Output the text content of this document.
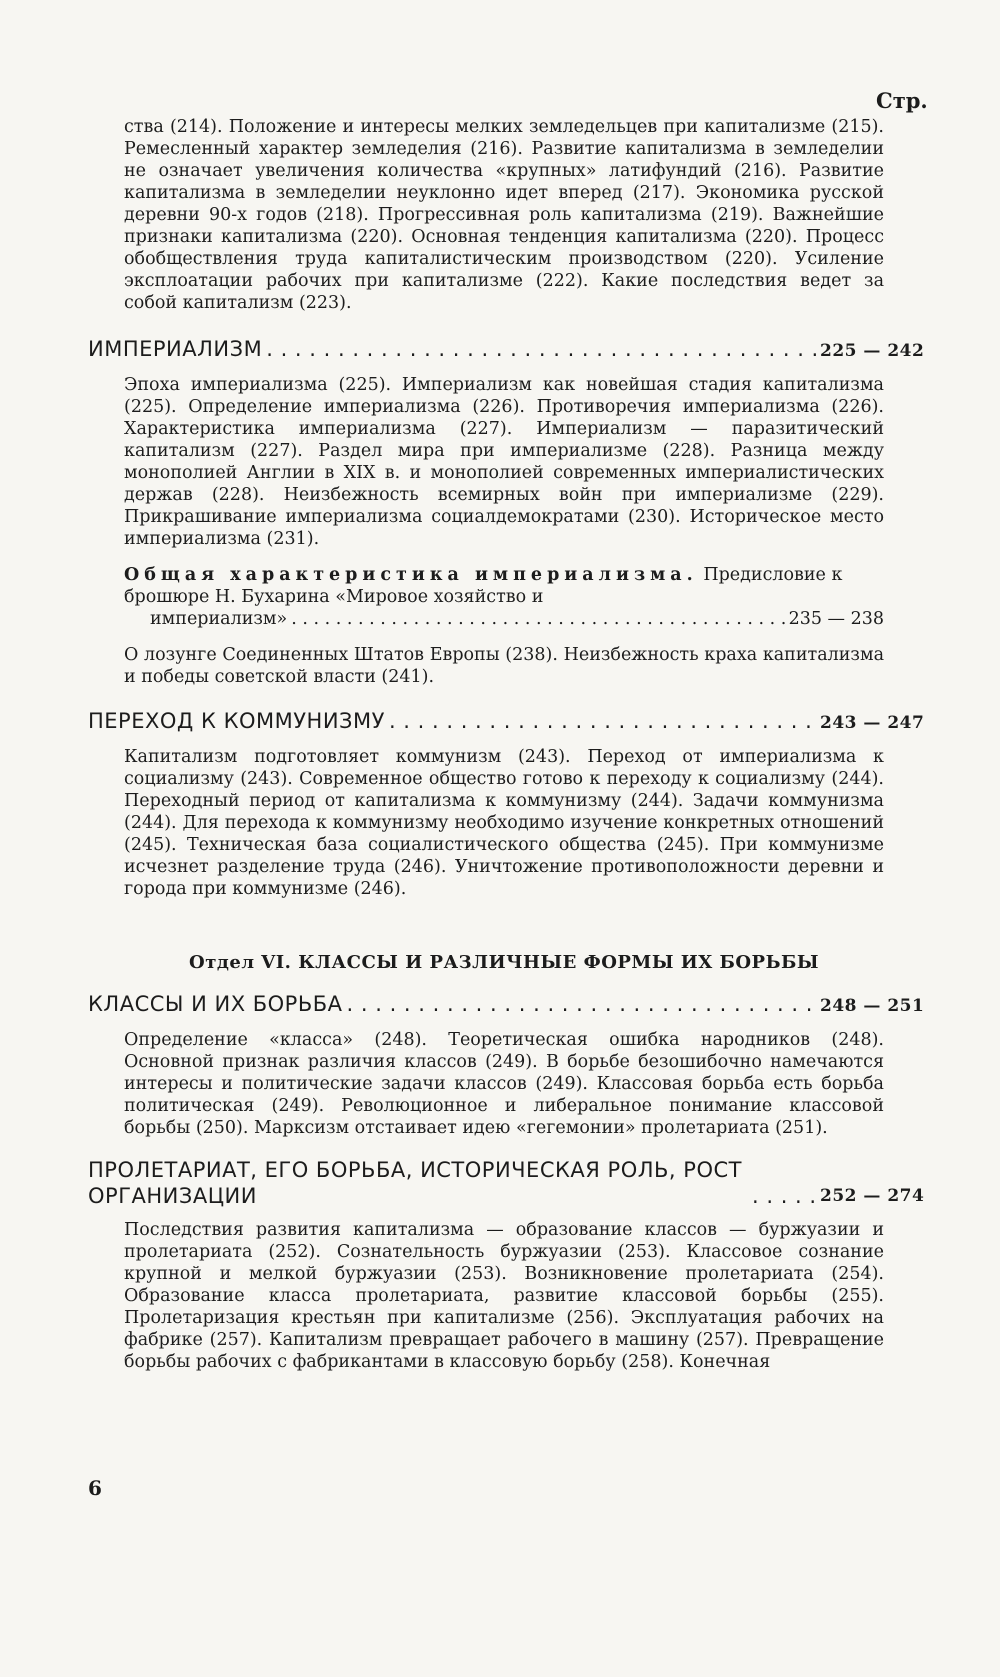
Стр.

ства (214). Положение и интересы мелких земледельцев при капитализме (215). Ремесленный характер земледелия (216). Развитие капитализма в земледелии не означает увеличения количества «крупных» латифундий (216). Развитие капитализма в земледелии неуклонно идет вперед (217). Экономика русской деревни 90-х годов (218). Прогрессивная роль капитализма (219). Важнейшие признаки капитализма (220). Основная тенденция капитализма (220). Процесс обобществления труда капиталистическим производством (220). Усиление эксплоатации рабочих при капитализме (222). Какие последствия ведет за собой капитализм (223).

ИМПЕРИАЛИЗМ . . .	225 — 242

Эпоха империализма (225). Империализм как новейшая стадия капитализма (225). Определение империализма (226). Противоречия империализма (226). Характеристика империализма (227). Империализм — паразитический капитализм (227). Раздел мира при империализме (228). Разница между монополией Англии в XIX в. и монополией современных империалистических держав (228). Неизбежность всемирных войн при империализме (229). Прикрашивание империализма социалдемократами (230). Историческое место империализма (231).

Общая характеристика империализма. Предисловие к брошюре Н. Бухарина «Мировое хозяйство и
империализм» . . .	235 — 238

О лозунге Соединенных Штатов Европы (238). Неизбежность краха капитализма и победы советской власти (241).

ПЕРЕХОД К КОММУНИЗМУ . . .	243 — 247

Капитализм подготовляет коммунизм (243). Переход от империализма к социализму (243). Современное общество готово к переходу к социализму (244). Переходный период от капитализма к коммунизму (244). Задачи коммунизма (244). Для перехода к коммунизму необходимо изучение конкретных отношений (245). Техническая база социалистического общества (245). При коммунизме исчезнет разделение труда (246). Уничтожение противоположности деревни и города при коммунизме (246).

Отдел VI. КЛАССЫ И РАЗЛИЧНЫЕ ФОРМЫ ИХ БОРЬБЫ
КЛАССЫ И ИХ БОРЬБА . . .	248 — 251

Определение «класса» (248). Теоретическая ошибка народников (248). Основной признак различия классов (249). В борьбе безошибочно намечаются интересы и политические задачи классов (249). Классовая борьба есть борьба политическая (249). Революционное и либеральное понимание классовой борьбы (250). Марксизм отстаивает идею «гегемонии» пролетариата (251).

ПРОЛЕТАРИАТ, ЕГО БОРЬБА, ИСТОРИЧЕСКАЯ РОЛЬ, РОСТ ОРГАНИЗАЦИИ . . .	252 — 274

Последствия развития капитализма — образование классов — буржуазии и пролетариата (252). Сознательность буржуазии (253). Классовое сознание крупной и мелкой буржуазии (253). Возникновение пролетариата (254). Образование класса пролетариата, развитие классовой борьбы (255). Пролетаризация крестьян при капитализме (256). Эксплуатация рабочих на фабрике (257). Капитализм превращает рабочего в машину (257). Превращение борьбы рабочих с фабрикантами в классовую борьбу (258). Конечная

6
